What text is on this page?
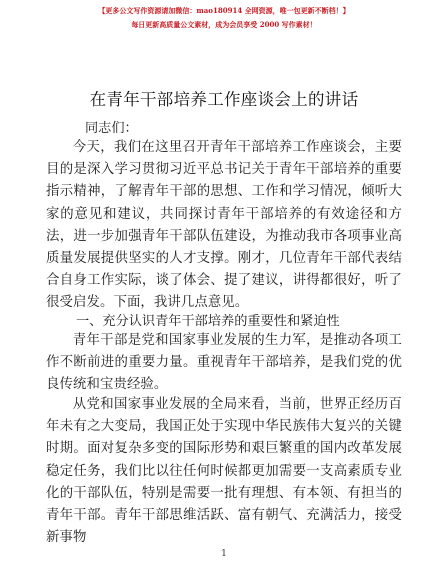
【更多公文写作资源请加微信：mao180914 全网资源，唯一包更新不断档！】
每日更新高质量公文素材，成为会员享受 2000 写作素材！
在青年干部培养工作座谈会上的讲话
同志们：

今天，我们在这里召开青年干部培养工作座谈会，主要目的是深入学习贯彻习近平总书记关于青年干部培养的重要指示精神，了解青年干部的思想、工作和学习情况，倾听大家的意见和建议，共同探讨青年干部培养的有效途径和方法，进一步加强青年干部队伍建设，为推动我市各项事业高质量发展提供坚实的人才支撑。刚才，几位青年干部代表结合自身工作实际，谈了体会、提了建议，讲得都很好，听了很受启发。下面，我讲几点意见。

一、充分认识青年干部培养的重要性和紧迫性

青年干部是党和国家事业发展的生力军，是推动各项工作不断前进的重要力量。重视青年干部培养，是我们党的优良传统和宝贵经验。

从党和国家事业发展的全局来看，当前，世界正经历百年未有之大变局，我国正处于实现中华民族伟大复兴的关键时期。面对复杂多变的国际形势和艰巨繁重的国内改革发展稳定任务，我们比以往任何时候都更加需要一支高素质专业化的干部队伍，特别是需要一批有理想、有本领、有担当的青年干部。青年干部思维活跃、富有朝气、充满活力，接受新事物

1
